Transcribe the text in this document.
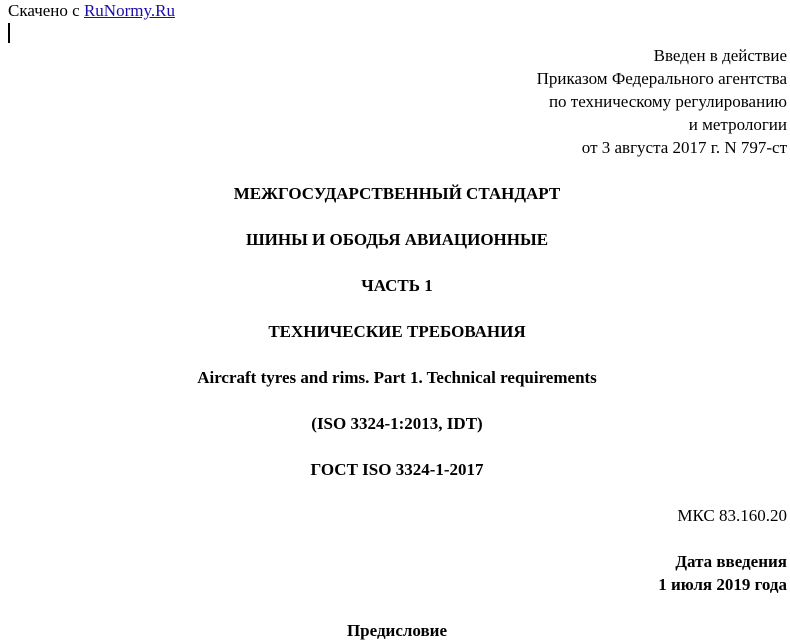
Скачено с RuNormy.Ru
Введен в действие
Приказом Федерального агентства
по техническому регулированию
и метрологии
от 3 августа 2017 г. N 797-ст
МЕЖГОСУДАРСТВЕННЫЙ СТАНДАРТ
ШИНЫ И ОБОДЬЯ АВИАЦИОННЫЕ
ЧАСТЬ 1
ТЕХНИЧЕСКИЕ ТРЕБОВАНИЯ
Aircraft tyres and rims. Part 1. Technical requirements
(ISO 3324-1:2013, IDT)
ГОСТ ISO 3324-1-2017
МКС 83.160.20
Дата введения
1 июля 2019 года
Предисловие
